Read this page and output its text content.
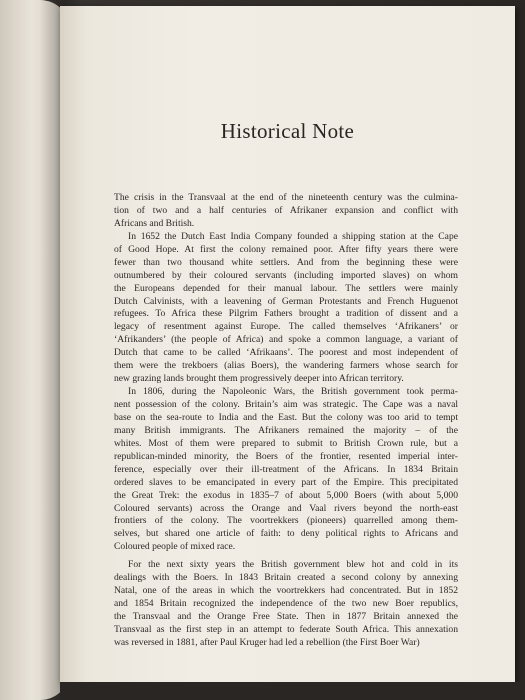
Historical Note

The crisis in the Transvaal at the end of the nineteenth century was the culmina-
tion of two and a half centuries of Afrikaner expansion and conflict with
Africans and British.

In 1652 the Dutch East India Company founded a shipping station at the Cape
of Good Hope. At first the colony remained poor. After fifty years there were
fewer than two thousand white settlers. And from the beginning these were
outnumbered by their coloured servants (including imported slaves) on whom
the Europeans depended for their manual labour. The settlers were mainly
Dutch Calvinists, with a leavening of German Protestants and French Huguenot
refugees. To Africa these Pilgrim Fathers brought a tradition of dissent and a
legacy of resentment against Europe. The called themselves ‘Afrikaners’ or
‘Afrikanders’ (the people of Africa) and spoke a common language, a variant of
Dutch that came to be called ‘Afrikaans’. The poorest and most independent of
them were the trekboers (alias Boers), the wandering farmers whose search for
new grazing lands brought them progressively deeper into African territory.

In 1806, during the Napoleonic Wars, the British government took perma-
nent possession of the colony. Britain’s aim was strategic. The Cape was a naval
base on the sea-route to India and the East. But the colony was too arid to tempt
many British immigrants. The Afrikaners remained the majority – of the
whites. Most of them were prepared to submit to British Crown rule, but a
republican-minded minority, the Boers of the frontier, resented imperial inter-
ference, especially over their ill-treatment of the Africans. In 1834 Britain
ordered slaves to be emancipated in every part of the Empire. This precipitated
the Great Trek: the exodus in 1835–7 of about 5,000 Boers (with about 5,000
Coloured servants) across the Orange and Vaal rivers beyond the north-east
frontiers of the colony. The voortrekkers (pioneers) quarrelled among them-
selves, but shared one article of faith: to deny political rights to Africans and
Coloured people of mixed race.

For the next sixty years the British government blew hot and cold in its
dealings with the Boers. In 1843 Britain created a second colony by annexing
Natal, one of the areas in which the voortrekkers had concentrated. But in 1852
and 1854 Britain recognized the independence of the two new Boer republics,
the Transvaal and the Orange Free State. Then in 1877 Britain annexed the
Transvaal as the first step in an attempt to federate South Africa. This annexation
was reversed in 1881, after Paul Kruger had led a rebellion (the First Boer War)
